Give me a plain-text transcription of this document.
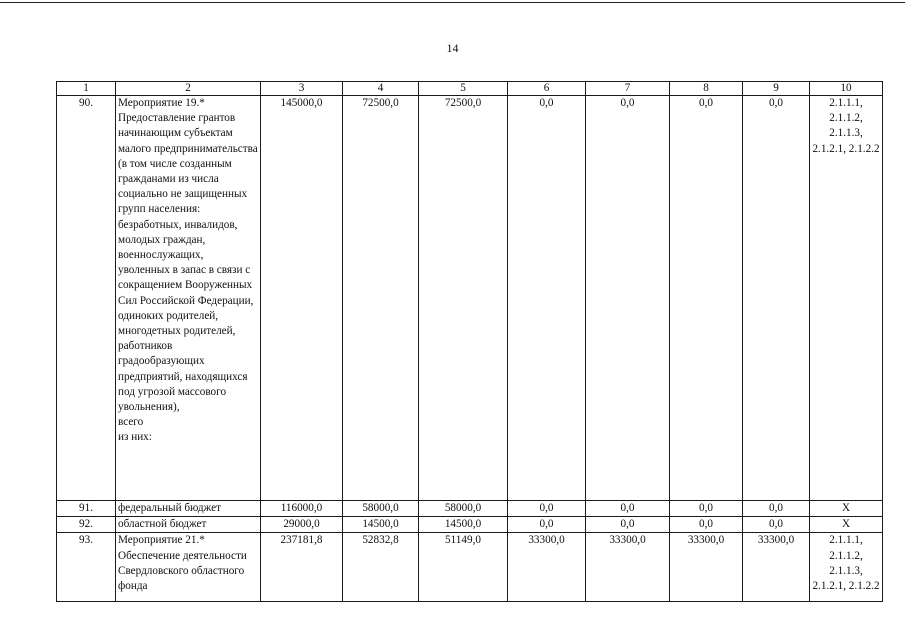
14
1	2	3	4	5	6	7	8	9	10
90.	Мероприятие 19.*
Предоставление грантов начинающим субъектам малого предпринимательства (в том числе созданным гражданами из числа социально не защищенных групп населения: безработных, инвалидов, молодых граждан, военнослужащих, уволенных в запас в связи с сокращением Вооруженных Сил Российской Федерации, одиноких родителей, многодетных родителей, работников градообразующих предприятий, находящихся под угрозой массового увольнения),
всего
из них:	145000,0	72500,0	72500,0	0,0	0,0	0,0	0,0	2.1.1.1, 2.1.1.2, 2.1.1.3, 2.1.2.1, 2.1.2.2
91.	федеральный бюджет	116000,0	58000,0	58000,0	0,0	0,0	0,0	0,0	Х
92.	областной бюджет	29000,0	14500,0	14500,0	0,0	0,0	0,0	0,0	Х
93.	Мероприятие 21.*
Обеспечение деятельности Свердловского областного фонда	237181,8	52832,8	51149,0	33300,0	33300,0	33300,0	33300,0	2.1.1.1, 2.1.1.2, 2.1.1.3, 2.1.2.1, 2.1.2.2
